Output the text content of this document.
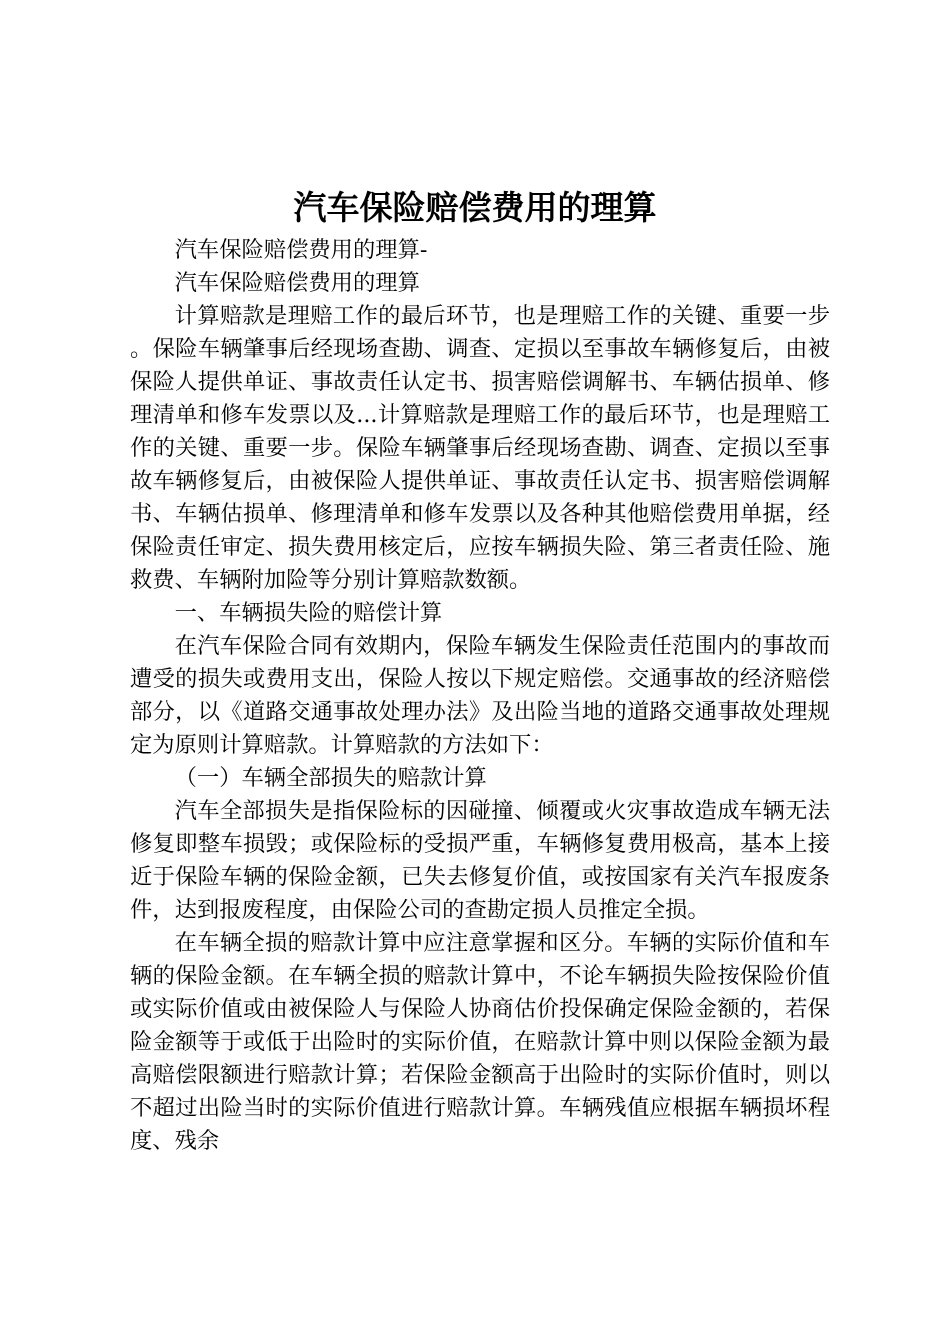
汽车保险赔偿费用的理算

汽车保险赔偿费用的理算-

汽车保险赔偿费用的理算

计算赔款是理赔工作的最后环节，也是理赔工作的关键、重要一步。保险车辆肇事后经现场查勘、调查、定损以至事故车辆修复后，由被保险人提供单证、事故责任认定书、损害赔偿调解书、车辆估损单、修理清单和修车发票以及...计算赔款是理赔工作的最后环节，也是理赔工作的关键、重要一步。保险车辆肇事后经现场查勘、调查、定损以至事故车辆修复后，由被保险人提供单证、事故责任认定书、损害赔偿调解书、车辆估损单、修理清单和修车发票以及各种其他赔偿费用单据，经保险责任审定、损失费用核定后，应按车辆损失险、第三者责任险、施救费、车辆附加险等分别计算赔款数额。

一、车辆损失险的赔偿计算

在汽车保险合同有效期内，保险车辆发生保险责任范围内的事故而遭受的损失或费用支出，保险人按以下规定赔偿。交通事故的经济赔偿部分，以《道路交通事故处理办法》及出险当地的道路交通事故处理规定为原则计算赔款。计算赔款的方法如下：

（一）车辆全部损失的赔款计算

汽车全部损失是指保险标的因碰撞、倾覆或火灾事故造成车辆无法修复即整车损毁；或保险标的受损严重，车辆修复费用极高，基本上接近于保险车辆的保险金额，已失去修复价值，或按国家有关汽车报废条件，达到报废程度，由保险公司的查勘定损人员推定全损。

在车辆全损的赔款计算中应注意掌握和区分。车辆的实际价值和车辆的保险金额。在车辆全损的赔款计算中，不论车辆损失险按保险价值或实际价值或由被保险人与保险人协商估价投保确定保险金额的，若保险金额等于或低于出险时的实际价值，在赔款计算中则以保险金额为最高赔偿限额进行赔款计算；若保险金额高于出险时的实际价值时，则以不超过出险当时的实际价值进行赔款计算。车辆残值应根据车辆损坏程度、残余
